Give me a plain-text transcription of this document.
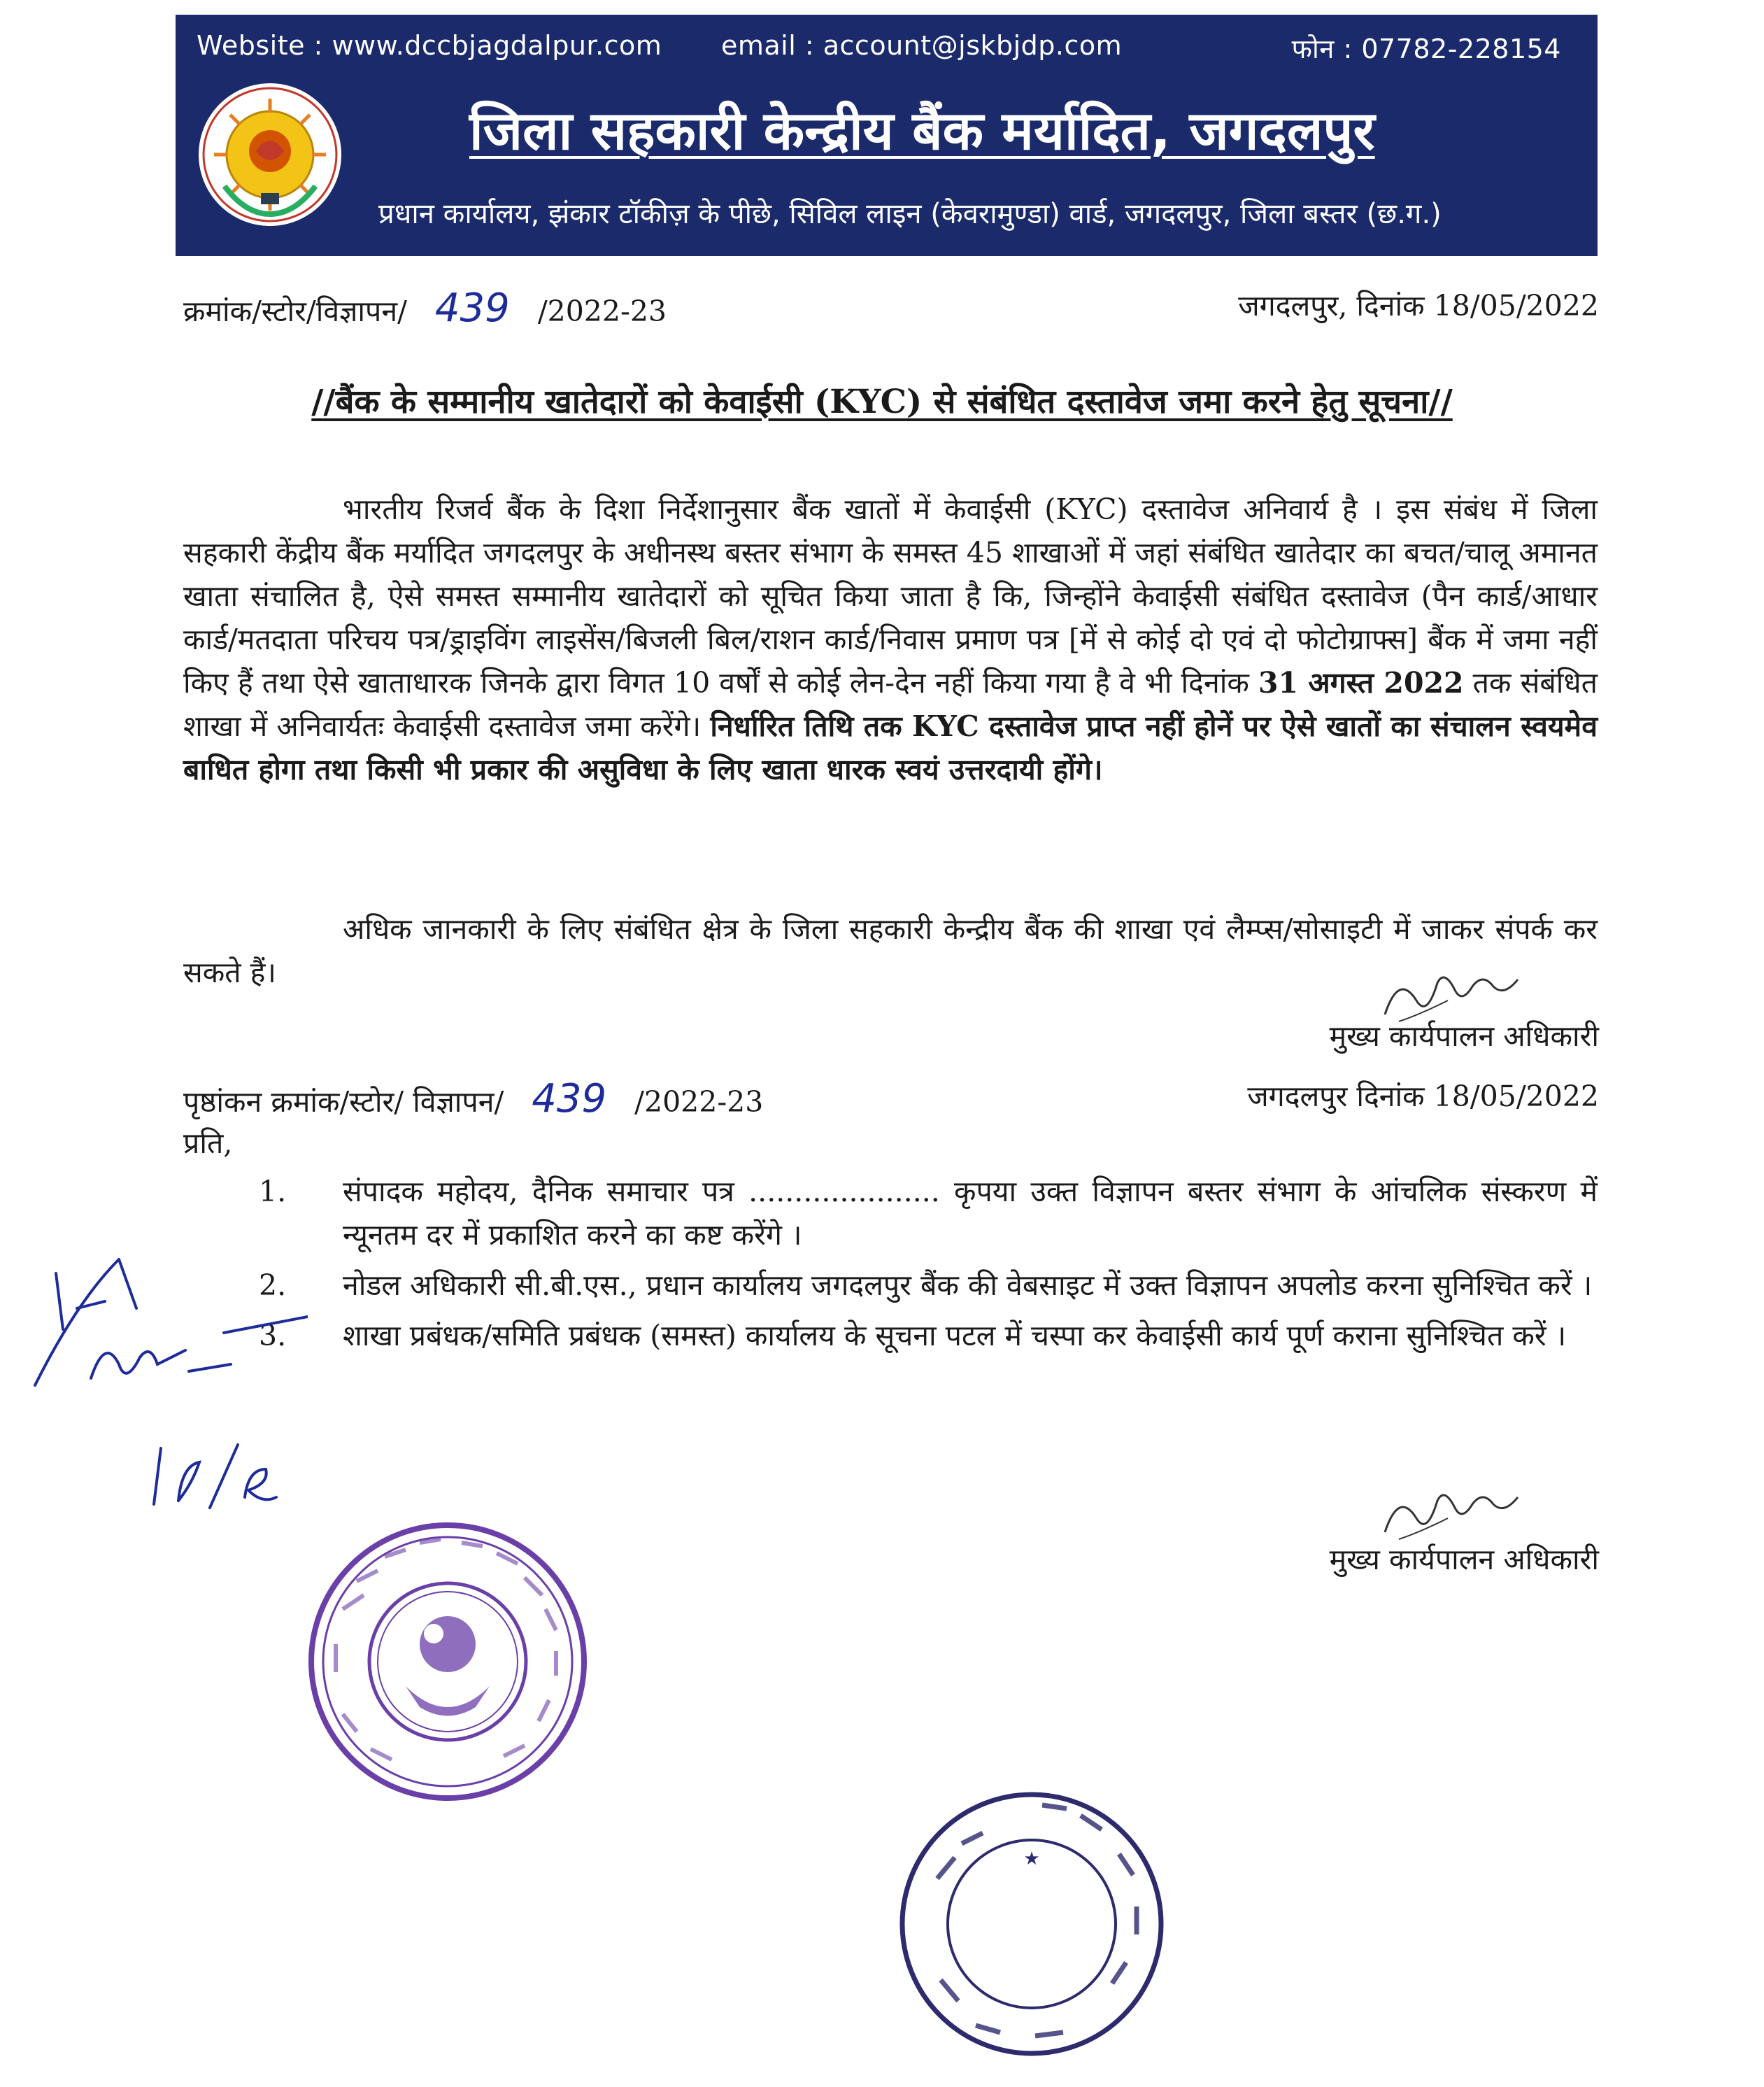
Website : www.dccbjagdalpur.com email : account@jskbjdp.com	फोन : 07782-228154
जिला सहकारी केन्द्रीय बैंक मर्यादित, जगदलपुर
प्रधान कार्यालय, झंकार टॉकीज़ के पीछे, सिविल लाइन (केवरामुण्डा) वार्ड, जगदलपुर, जिला बस्तर (छ.ग.)
क्रमांक/स्टोर/विज्ञापन/ 439 /2022-23	जगदलपुर, दिनांक 18/05/2022
//बैंक के सम्मानीय खातेदारों को केवाईसी (KYC) से संबंधित दस्तावेज जमा करने हेतु सूचना//

भारतीय रिजर्व बैंक के दिशा निर्देशानुसार बैंक खातों में केवाईसी (KYC) दस्तावेज अनिवार्य है । इस संबंध में जिला सहकारी केंद्रीय बैंक मर्यादित जगदलपुर के अधीनस्थ बस्तर संभाग के समस्त 45 शाखाओं में जहां संबंधित खातेदार का बचत/चालू अमानत खाता संचालित है, ऐसे समस्त सम्मानीय खातेदारों को सूचित किया जाता है कि, जिन्होंने केवाईसी संबंधित दस्तावेज (पैन कार्ड/आधार कार्ड/मतदाता परिचय पत्र/ड्राइविंग लाइसेंस/बिजली बिल/राशन कार्ड/निवास प्रमाण पत्र [में से कोई दो एवं दो फोटोग्राफ्स] बैंक में जमा नहीं किए हैं तथा ऐसे खाताधारक जिनके द्वारा विगत 10 वर्षों से कोई लेन-देन नहीं किया गया है वे भी दिनांक 31 अगस्त 2022 तक संबंधित शाखा में अनिवार्यतः केवाईसी दस्तावेज जमा करेंगे। निर्धारित तिथि तक KYC दस्तावेज प्राप्त नहीं होनें पर ऐसे खातों का संचालन स्वयमेव बाधित होगा तथा किसी भी प्रकार की असुविधा के लिए खाता धारक स्वयं उत्तरदायी होंगे।

अधिक जानकारी के लिए संबंधित क्षेत्र के जिला सहकारी केन्द्रीय बैंक की शाखा एवं लैम्प्स/सोसाइटी में जाकर संपर्क कर सकते हैं।

मुख्य कार्यपालन अधिकारी
पृष्ठांकन क्रमांक/स्टोर/ विज्ञापन/ 439 /2022-23	जगदलपुर दिनांक 18/05/2022
प्रति,
1. संपादक महोदय, दैनिक समाचार पत्र ..................... कृपया उक्त विज्ञापन बस्तर संभाग के आंचलिक संस्करण में न्यूनतम दर में प्रकाशित करने का कष्ट करेंगे ।
2. नोडल अधिकारी सी.बी.एस., प्रधान कार्यालय जगदलपुर बैंक की वेबसाइट में उक्त विज्ञापन अपलोड करना सुनिश्चित करें ।
3. शाखा प्रबंधक/समिति प्रबंधक (समस्त) कार्यालय के सूचना पटल में चस्पा कर केवाईसी कार्य पूर्ण कराना सुनिश्चित करें ।
मुख्य कार्यपालन अधिकारी
★
